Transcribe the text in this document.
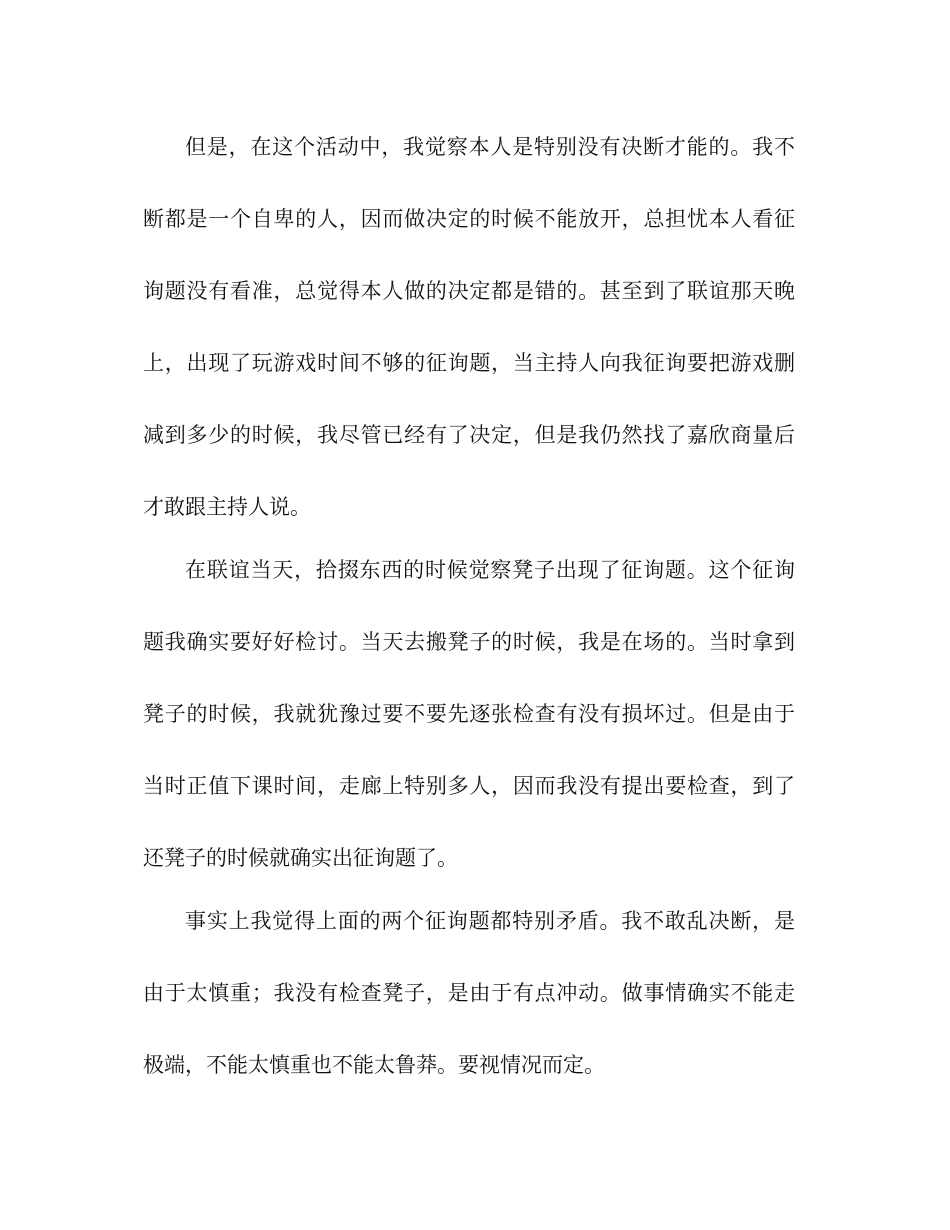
但是，在这个活动中，我觉察本人是特别没有决断才能的。我不
断都是一个自卑的人，因而做决定的时候不能放开，总担忧本人看征
询题没有看准，总觉得本人做的决定都是错的。甚至到了联谊那天晚
上，出现了玩游戏时间不够的征询题，当主持人向我征询要把游戏删
减到多少的时候，我尽管已经有了决定，但是我仍然找了嘉欣商量后
才敢跟主持人说。
在联谊当天，拾掇东西的时候觉察凳子出现了征询题。这个征询
题我确实要好好检讨。当天去搬凳子的时候，我是在场的。当时拿到
凳子的时候，我就犹豫过要不要先逐张检查有没有损坏过。但是由于
当时正值下课时间，走廊上特别多人，因而我没有提出要检查，到了
还凳子的时候就确实出征询题了。
事实上我觉得上面的两个征询题都特别矛盾。我不敢乱决断，是
由于太慎重；我没有检查凳子，是由于有点冲动。做事情确实不能走
极端，不能太慎重也不能太鲁莽。要视情况而定。
